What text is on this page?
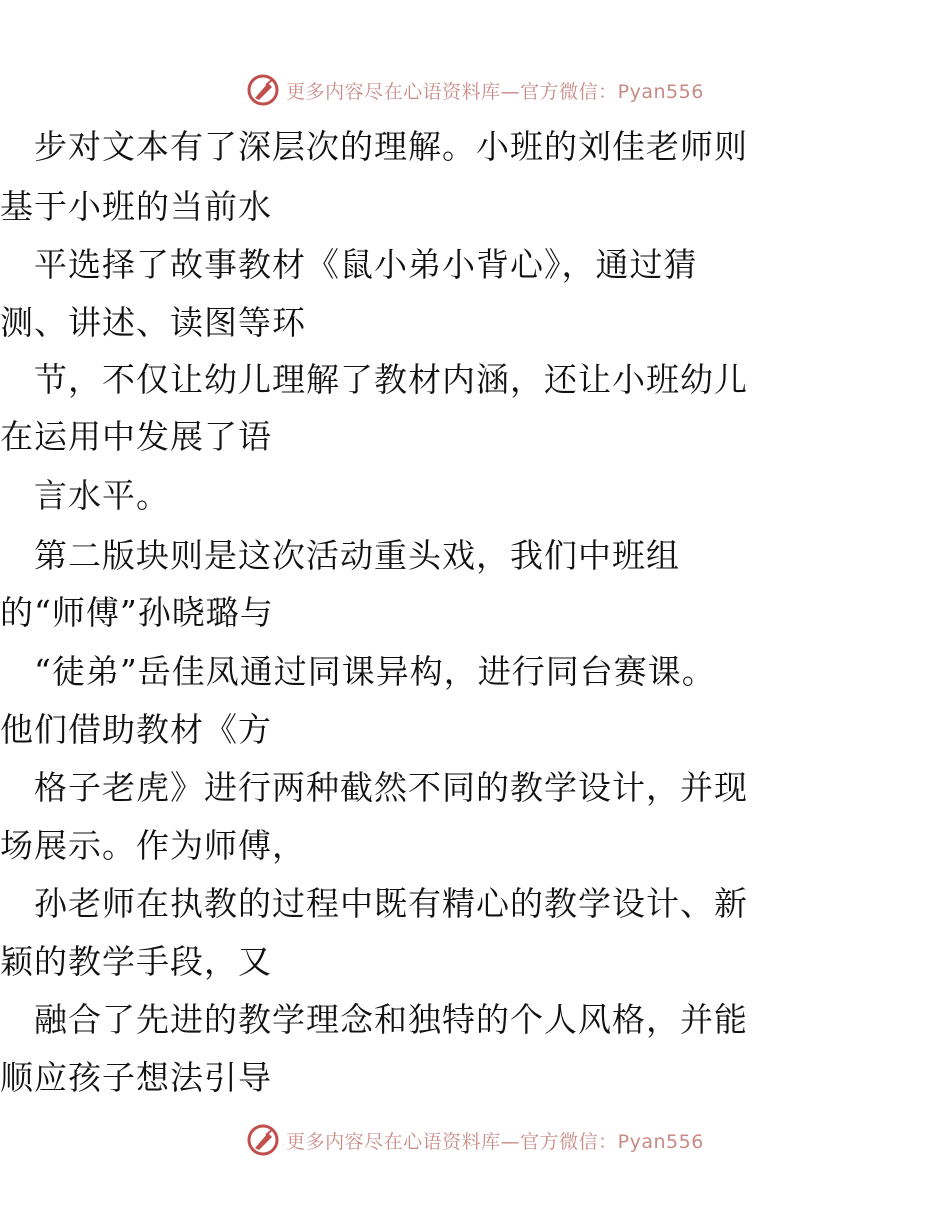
更多内容尽在心语资料库—官方微信：Pyan556
　步对文本有了深层次的理解。小班的刘佳老师则
基于小班的当前水
　平选择了故事教材《鼠小弟小背心》，通过猜
测、讲述、读图等环
　节，不仅让幼儿理解了教材内涵，还让小班幼儿
在运用中发展了语
　言水平。
　第二版块则是这次活动重头戏，我们中班组
的“师傅”孙晓璐与
　“徒弟”岳佳凤通过同课异构，进行同台赛课。
他们借助教材《方
　格子老虎》进行两种截然不同的教学设计，并现
场展示。作为师傅，
　孙老师在执教的过程中既有精心的教学设计、新
颖的教学手段，又
　融合了先进的教学理念和独特的个人风格，并能
顺应孩子想法引导
更多内容尽在心语资料库—官方微信：Pyan556
